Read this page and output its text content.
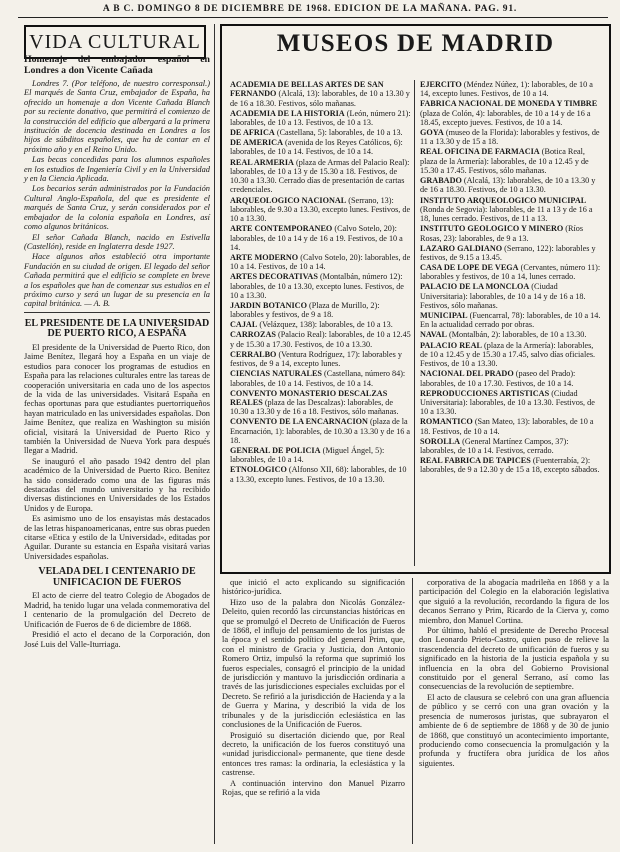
A B C. DOMINGO 8 DE DICIEMBRE DE 1968. EDICION DE LA MAÑANA. PAG. 91.
VIDA CULTURAL
Homenaje del embajador español en Londres a don Vicente Cañada

Londres 7. (Por teléfono, de nuestro corresponsal.) El marqués de Santa Cruz, embajador de España, ha ofrecido un homenaje a don Vicente Cañada Blanch por su reciente donativo, que permitirá el comienzo de la construcción del edificio que albergará a la primera institución de docencia destinada en Londres a los hijos de súbditos españoles, que ha de contar en el próximo año y en el Reino Unido.

Las becas concedidas para los alumnos españoles en los estudios de Ingeniería Civil y en la Universidad y en la Ciencia Aplicada.

Los becarios serán administrados por la Fundación Cultural Anglo-Española, del que es presidente el marqués de Santa Cruz, y serán considerados por el embajador de la colonia española en Londres, así como algunos británicos.

El señor Cañada Blanch, nacido en Estivella (Castellón), reside en Inglaterra desde 1927.

Hace algunos años estableció otra importante Fundación en su ciudad de origen. El legado del señor Cañada permitirá que el edificio se complete en breve a los españoles que han de comenzar sus estudios en el próximo curso y será un lugar de su presencia en la capital británica. — A. B.

EL PRESIDENTE DE LA UNIVERSIDAD DE PUERTO RICO, A ESPAÑA

El presidente de la Universidad de Puerto Rico, don Jaime Benítez, llegará hoy a España en un viaje de estudios para conocer los programas de estudios en España para las relaciones culturales entre las tareas de cooperación universitaria en cada uno de los aspectos de la vida de las universidades. Visitará España en fechas oportunas para que estudiantes puertorriqueños hayan matriculado en las universidades españolas. Don Jaime Benítez, que realiza en Washington su misión oficial, visitará la Universidad de Puerto Rico y también la Universidad de Nueva York para después llegar a Madrid.

Se inauguró el año pasado 1942 dentro del plan académico de la Universidad de Puerto Rico. Benítez ha sido considerado como una de las figuras más destacadas del mundo universitario y ha recibido diversas distinciones en Universidades de los Estados Unidos y de Europa.

Es asimismo uno de los ensayistas más destacados de las letras hispanoamericanas, entre sus obras pueden citarse «Etica y estilo de la Universidad», editadas por Aguilar. Durante su estancia en España visitará varias Universidades españolas.

VELADA DEL I CENTENARIO DE UNIFICACION DE FUEROS

El acto de cierre del teatro Colegio de Abogados de Madrid, ha tenido lugar una velada conmemorativa del I centenario de la promulgación del Decreto de Unificación de Fueros de 6 de diciembre de 1868.

Presidió el acto el decano de la Corporación, don José Luis del Valle-Iturriaga.

MUSEOS DE MADRID
ACADEMIA DE BELLAS ARTES DE SAN FERNANDO (Alcalá, 13): laborables, de 10 a 13.30 y de 16 a 18.30. Festivos, sólo mañanas.
ACADEMIA DE LA HISTORIA (León, número 21): laborables, de 10 a 13. Festivos, de 10 a 13.
DE AFRICA (Castellana, 5): laborables, de 10 a 13.
DE AMERICA (avenida de los Reyes Católicos, 6): laborables, de 10 a 14. Festivos, de 10 a 14.
REAL ARMERIA (plaza de Armas del Palacio Real): laborables, de 10 a 13 y de 15.30 a 18. Festivos, de 10.30 a 13.30. Cerrado días de presentación de cartas credenciales.
ARQUEOLOGICO NACIONAL (Serrano, 13): laborables, de 9.30 a 13.30, excepto lunes. Festivos, de 10 a 13.30.
ARTE CONTEMPORANEO (Calvo Sotelo, 20): laborables, de 10 a 14 y de 16 a 19. Festivos, de 10 a 14.
ARTE MODERNO (Calvo Sotelo, 20): laborables, de 10 a 14. Festivos, de 10 a 14.
ARTES DECORATIVAS (Montalbán, número 12): laborables, de 10 a 13.30, excepto lunes. Festivos, de 10 a 13.30.
JARDIN BOTANICO (Plaza de Murillo, 2): laborables y festivos, de 9 a 18.
CAJAL (Velázquez, 138): laborables, de 10 a 13.
CARROZAS (Palacio Real): laborables, de 10 a 12.45 y de 15.30 a 17.30. Festivos, de 10 a 13.30.
CERRALBO (Ventura Rodríguez, 17): laborables y festivos, de 9 a 14, excepto lunes.
CIENCIAS NATURALES (Castellana, número 84): laborables, de 10 a 14. Festivos, de 10 a 14.
CONVENTO MONASTERIO DESCALZAS REALES (plaza de las Descalzas): laborables, de 10.30 a 13.30 y de 16 a 18. Festivos, sólo mañanas.
CONVENTO DE LA ENCARNACION (plaza de la Encarnación, 1): laborables, de 10.30 a 13.30 y de 16 a 18.
GENERAL DE POLICIA (Miguel Ángel, 5): laborables, de 10 a 14.
ETNOLOGICO (Alfonso XII, 68): laborables, de 10 a 13.30, excepto lunes. Festivos, de 10 a 13.30.
EJERCITO (Méndez Núñez, 1): laborables, de 10 a 14, excepto lunes. Festivos, de 10 a 14.
FABRICA NACIONAL DE MONEDA Y TIMBRE (plaza de Colón, 4): laborables, de 10 a 14 y de 16 a 18.45, excepto jueves. Festivos, de 10 a 14.
GOYA (museo de la Florida): laborables y festivos, de 11 a 13.30 y de 15 a 18.
REAL OFICINA DE FARMACIA (Botica Real, plaza de la Armería): laborables, de 10 a 12.45 y de 15.30 a 17.45. Festivos, sólo mañanas.
GRABADO (Alcalá, 13): laborables, de 10 a 13.30 y de 16 a 18.30. Festivos, de 10 a 13.30.
INSTITUTO ARQUEOLOGICO MUNICIPAL (Ronda de Segovia): laborables, de 11 a 13 y de 16 a 18, lunes cerrado. Festivos, de 11 a 13.
INSTITUTO GEOLOGICO Y MINERO (Ríos Rosas, 23): laborables, de 9 a 13.
LAZARO GALDIANO (Serrano, 122): laborables y festivos, de 9.15 a 13.45.
CASA DE LOPE DE VEGA (Cervantes, número 11): laborables y festivos, de 10 a 14, lunes cerrado.
PALACIO DE LA MONCLOA (Ciudad Universitaria): laborables, de 10 a 14 y de 16 a 18. Festivos, sólo mañanas.
MUNICIPAL (Fuencarral, 78): laborables, de 10 a 14. En la actualidad cerrado por obras.
NAVAL (Montalbán, 2): laborables, de 10 a 13.30.
PALACIO REAL (plaza de la Armería): laborables, de 10 a 12.45 y de 15.30 a 17.45, salvo días oficiales. Festivos, de 10 a 13.30.
NACIONAL DEL PRADO (paseo del Prado): laborables, de 10 a 17.30. Festivos, de 10 a 14.
REPRODUCCIONES ARTISTICAS (Ciudad Universitaria): laborables, de 10 a 13.30. Festivos, de 10 a 13.30.
ROMANTICO (San Mateo, 13): laborables, de 10 a 18. Festivos, de 10 a 14.
SOROLLA (General Martínez Campos, 37): laborables, de 10 a 14. Festivos, cerrado.
REAL FABRICA DE TAPICES (Fuenterrabía, 2): laborables, de 9 a 12.30 y de 15 a 18, excepto sábados.

que inició el acto explicando su significación histórico-jurídica.

Hizo uso de la palabra don Nicolás González-Deleito, quien recordó las circunstancias históricas en que se promulgó el Decreto de Unificación de Fueros de 1868, el influjo del pensamiento de los juristas de la época y el sentido político del general Prim, que, con el ministro de Gracia y Justicia, don Antonio Romero Ortiz, impulsó la reforma que suprimió los fueros especiales, consagró el principio de la unidad de jurisdicción y mantuvo la jurisdicción ordinaria a través de las jurisdicciones especiales excluidas por el Decreto. Se refirió a la jurisdicción de Hacienda y a la de Guerra y Marina, y describió la vida de los tribunales y de la jurisdicción eclesiástica en las conclusiones de la Unificación de Fueros.

Prosiguió su disertación diciendo que, por Real decreto, la unificación de los fueros constituyó una «unidad jurisdiccional» permanente, que tiene desde entonces tres ramas: la ordinaria, la eclesiástica y la castrense.

A continuación intervino don Manuel Pizarro Rojas, que se refirió a la vida

corporativa de la abogacía madrileña en 1868 y a la participación del Colegio en la elaboración legislativa que siguió a la revolución, recordando la figura de los decanos Serrano y Prim, Ricardo de la Cierva y, como miembro, don Manuel Cortina.

Por último, habló el presidente de Derecho Procesal don Leonardo Prieto-Castro, quien puso de relieve la trascendencia del decreto de unificación de fueros y su significado en la historia de la justicia española y su influencia en la obra del Gobierno Provisional constituido por el general Serrano, así como las consecuencias de la revolución de septiembre.

El acto de clausura se celebró con una gran afluencia de público y se cerró con una gran ovación y la presencia de numerosos juristas, que subrayaron el ambiente de 6 de septiembre de 1868 y de 30 de junio de 1868, que constituyó un acontecimiento importante, produciendo como consecuencia la promulgación y la profunda y fructífera obra jurídica de los años siguientes.
